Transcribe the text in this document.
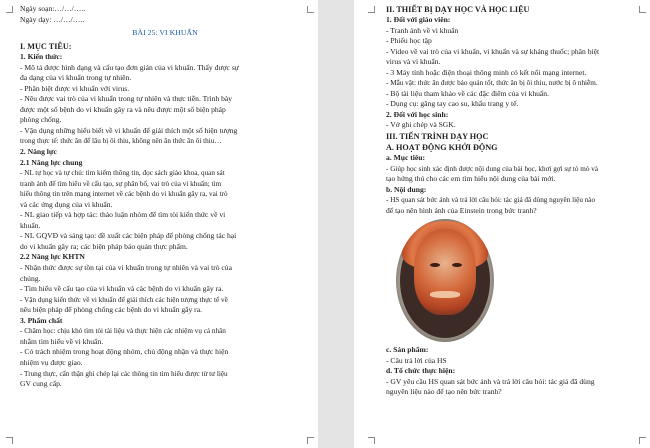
Ngày soạn:…/…/…..
Ngày dạy: …/…/…..
BÀI 25: VI KHUẨN
I. MỤC TIÊU:
1. Kiến thức:
- Mô tả được hình dạng và cấu tạo đơn giản của vi khuẩn. Thấy được sự
đa dạng của vi khuẩn trong tự nhiên.
- Phân biệt được vi khuẩn với virus.
- Nêu được vai trò của vi khuẩn trong tự nhiên và thực tiễn. Trình bày
được một số bệnh do vi khuẩn gây ra và nêu được một số biện pháp
phòng chống.
- Vận dụng những hiểu biết về vi khuẩn để giải thích một số hiện tượng
trong thực tế: thức ăn để lâu bị ôi thiu, không nên ăn thức ăn ôi thiu…
2. Năng lực
2.1 Năng lực chung
- NL tự học và tự chủ: tìm kiếm thông tin, đọc sách giáo khoa, quan sát
tranh ảnh để tìm hiểu về cấu tạo, sự phân bố, vai trò của vi khuẩn; tìm
hiểu thông tin trên mạng internet về các bệnh do vi khuẩn gây ra, vai trò
và các ứng dụng của vi khuẩn.
- NL giao tiếp và hợp tác: thảo luận nhóm để tìm tòi kiến thức về vi
khuẩn.
- NL GQVĐ và sáng tạo: đề xuất các biện pháp để phòng chống tác hại
do vi khuẩn gây ra; các biện pháp bảo quản thực phẩm.
2.2 Năng lực KHTN
- Nhận thức được sự tồn tại của vi khuẩn trong tự nhiên và vai trò của
chúng.
- Tìm hiểu về cấu tạo của vi khuẩn và các bệnh do vi khuẩn gây ra.
- Vận dụng kiến thức về vi khuẩn để giải thích các hiện tượng thực tế về
nêu biện pháp để phòng chống các bệnh do vi khuẩn gây ra.
3. Phẩm chất
- Chăm học: chịu khó tìm tòi tài liệu và thực hiện các nhiệm vụ cá nhân
nhằm tìm hiểu về vi khuẩn.
- Có trách nhiệm trong hoạt động nhóm, chủ động nhận và thực hiện
nhiệm vụ được giao.
- Trung thực, cẩn thận ghi chép lại các thông tin tìm hiểu được từ tư liệu
GV cung cấp.
II. THIẾT BỊ DẠY HỌC VÀ HỌC LIỆU
1. Đối với giáo viên:
- Tranh ảnh về vi khuẩn
- Phiếu học tập
- Video về vai trò của vi khuẩn, vi khuẩn và sự kháng thuốc; phân biệt
virus và vi khuẩn.
- 3 Máy tính hoặc điện thoại thông minh có kết nối mạng internet.
- Mẫu vật: thức ăn được bảo quản tốt, thức ăn bị ôi thiu, nước bị ô nhiễm.
- Bộ tài liệu tham khảo về các đặc điểm của vi khuẩn.
- Dụng cụ: găng tay cao su, khẩu trang y tế.
2. Đối với học sinh:
- Vở ghi chép và SGK.
III. TIẾN TRÌNH DẠY HỌC
A. HOẠT ĐỘNG KHỞI ĐỘNG
a. Mục tiêu:
- Giúp học sinh xác định được nội dung của bài học, khơi gợi sự tò mò và
tạo hứng thú cho các em tìm hiểu nội dung của bài mới.
b. Nội dung:
- HS quan sát bức ảnh và trả lời câu hỏi: tác giả đã dùng nguyên liệu nào
để tạo nên hình ảnh của Einstein trong bức tranh?
c. Sản phẩm:
- Câu trả lời của HS
d. Tổ chức thực hiện:
- GV yêu cầu HS quan sát bức ảnh và trả lời câu hỏi: tác giả đã dùng
nguyên liệu nào để tạo nên bức tranh?
